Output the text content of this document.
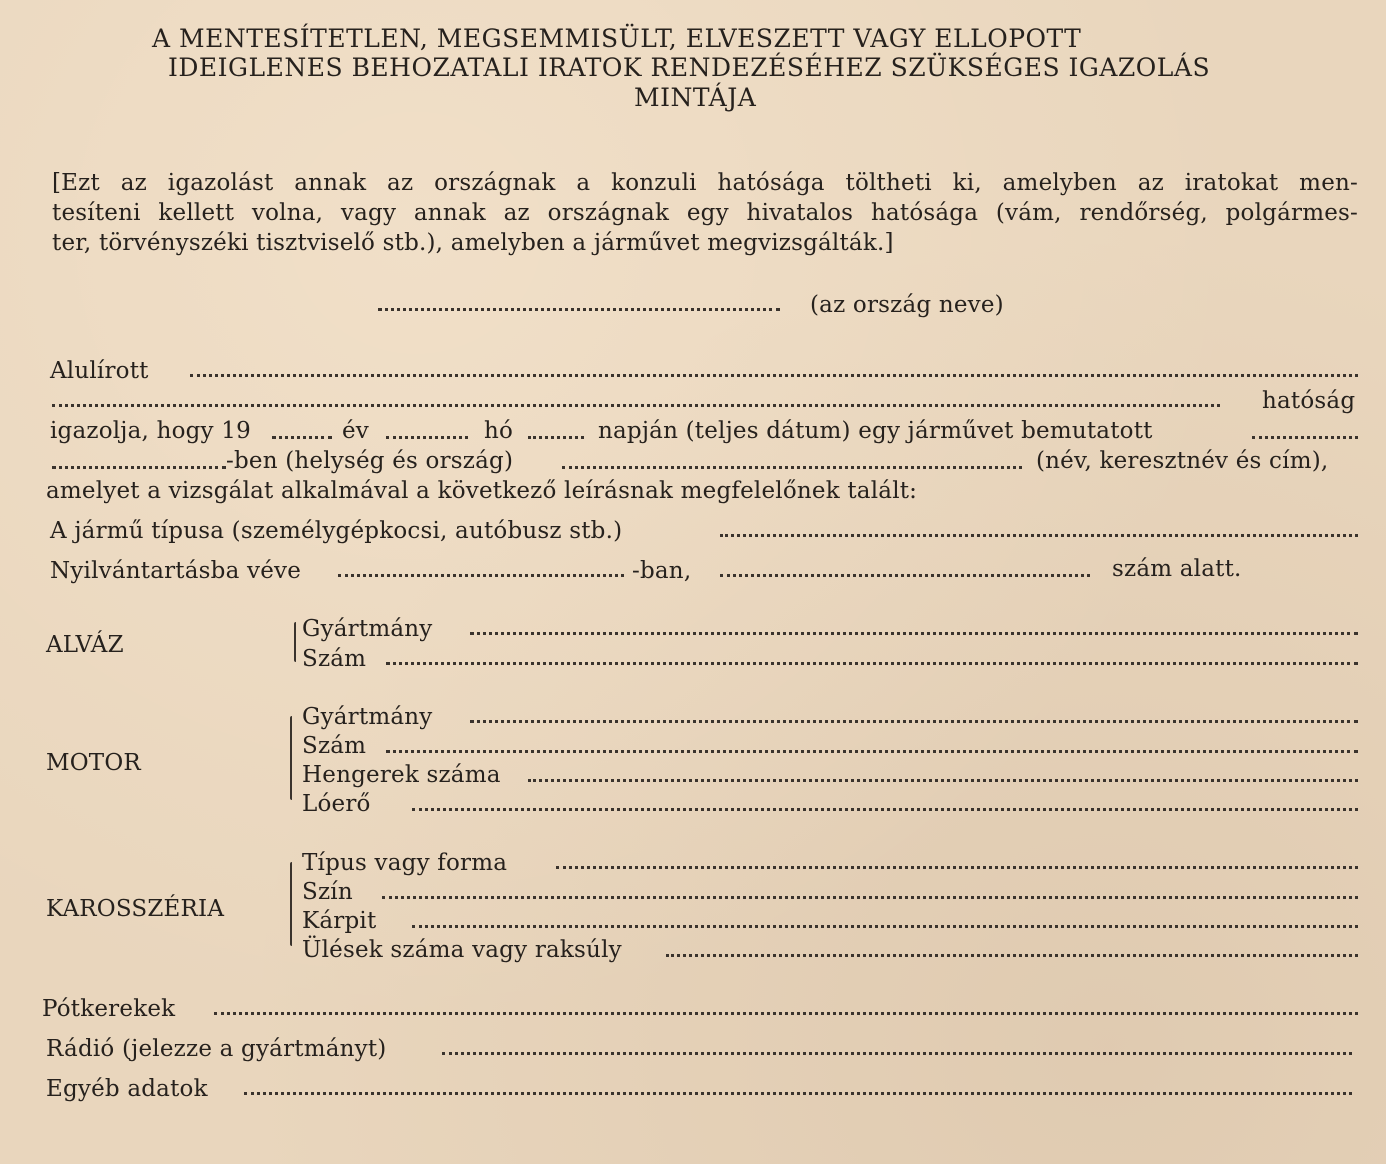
A MENTESÍTETLEN, MEGSEMMISÜLT, ELVESZETT VAGY ELLOPOTT
IDEIGLENES BEHOZATALI IRATOK RENDEZÉSÉHEZ SZÜKSÉGES IGAZOLÁS
MINTÁJA
[Ezt az igazolást annak az országnak a konzuli hatósága töltheti ki, amelyben az iratokat men-
tesíteni kellett volna, vagy annak az országnak egy hivatalos hatósága (vám, rendőrség, polgármes-
ter, törvényszéki tisztviselő stb.), amelyben a járművet megvizsgálták.]
(az ország neve)
Alulírott
hatóság
igazolja, hogy 19	év	hó	napján (teljes dátum) egy járművet bemutatott
-ben (helység és ország)	(név, keresztnév és cím),
amelyet a vizsgálat alkalmával a következő leírásnak megfelelőnek talált:
A jármű típusa (személygépkocsi, autóbusz stb.)
Nyilvántartásba véve	-ban,	szám alatt.
ALVÁZ
Gyártmány
Szám
MOTOR
Gyártmány
Szám
Hengerek száma
Lóerő
KAROSSZÉRIA
Típus vagy forma
Szín
Kárpit
Ülések száma vagy raksúly
Pótkerekek
Rádió (jelezze a gyártmányt)
Egyéb adatok
